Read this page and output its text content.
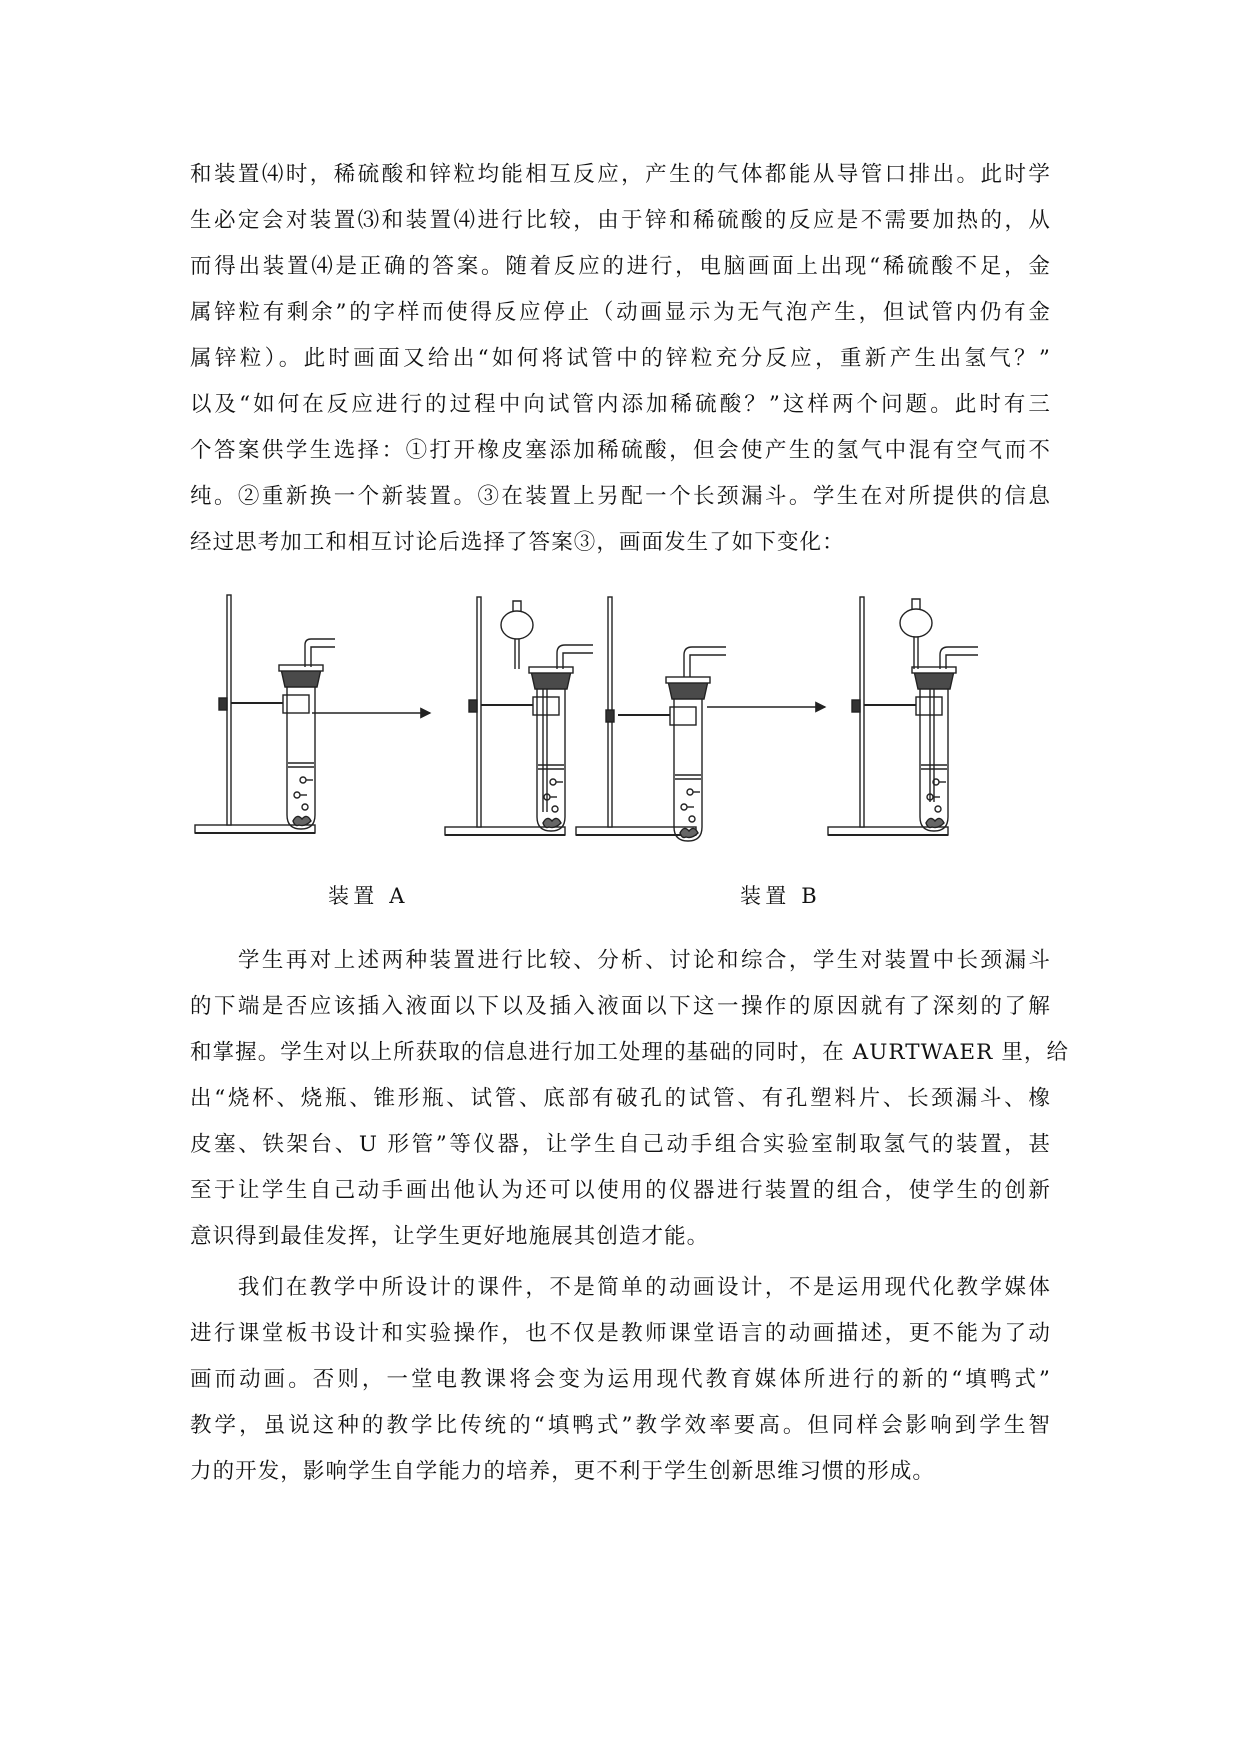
和装置⑷时，稀硫酸和锌粒均能相互反应，产生的气体都能从导管口排出。此时学
生必定会对装置⑶和装置⑷进行比较，由于锌和稀硫酸的反应是不需要加热的，从
而得出装置⑷是正确的答案。随着反应的进行，电脑画面上出现“稀硫酸不足，金
属锌粒有剩余”的字样而使得反应停止（动画显示为无气泡产生，但试管内仍有金
属锌粒）。此时画面又给出“如何将试管中的锌粒充分反应，重新产生出氢气？”
以及“如何在反应进行的过程中向试管内添加稀硫酸？”这样两个问题。此时有三
个答案供学生选择：①打开橡皮塞添加稀硫酸，但会使产生的氢气中混有空气而不
纯。②重新换一个新装置。③在装置上另配一个长颈漏斗。学生在对所提供的信息
经过思考加工和相互讨论后选择了答案③，画面发生了如下变化：
装置 A	装置 B
　　学生再对上述两种装置进行比较、分析、讨论和综合，学生对装置中长颈漏斗
的下端是否应该插入液面以下以及插入液面以下这一操作的原因就有了深刻的了解
和掌握。学生对以上所获取的信息进行加工处理的基础的同时，在 AURTWAER 里，给
出“烧杯、烧瓶、锥形瓶、试管、底部有破孔的试管、有孔塑料片、长颈漏斗、橡
皮塞、铁架台、U 形管”等仪器，让学生自己动手组合实验室制取氢气的装置，甚
至于让学生自己动手画出他认为还可以使用的仪器进行装置的组合，使学生的创新
意识得到最佳发挥，让学生更好地施展其创造才能。
　　我们在教学中所设计的课件，不是简单的动画设计，不是运用现代化教学媒体
进行课堂板书设计和实验操作，也不仅是教师课堂语言的动画描述，更不能为了动
画而动画。否则，一堂电教课将会变为运用现代教育媒体所进行的新的“填鸭式”
教学，虽说这种的教学比传统的“填鸭式”教学效率要高。但同样会影响到学生智
力的开发，影响学生自学能力的培养，更不利于学生创新思维习惯的形成。
